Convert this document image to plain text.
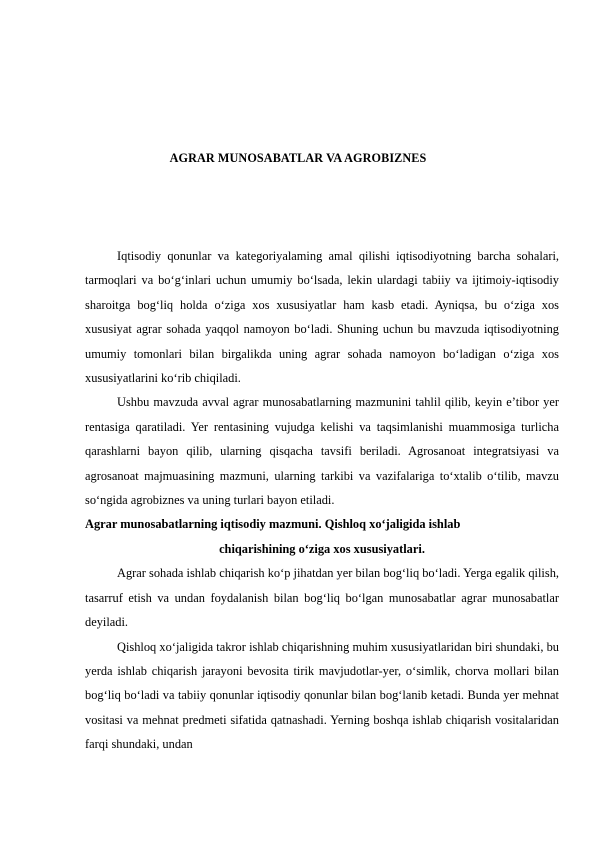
AGRAR MUNOSABATLAR VA AGROBIZNES

Iqtisodiy qonunlar va kategoriyalaming amal qilishi iqtisodiyotning barcha sohalari, tarmoqlari va bo‘g‘inlari uchun umumiy bo‘lsada, lekin ulardagi tabiiy va ijtimoiy-iqtisodiy sharoitga bog‘liq holda o‘ziga xos xususiyatlar ham kasb etadi. Ayniqsa, bu o‘ziga xos xususiyat agrar sohada yaqqol namoyon bo‘ladi. Shuning uchun bu mavzuda iqtisodiyotning umumiy tomonlari bilan birgalikda uning agrar sohada namoyon bo‘ladigan o‘ziga xos xususiyatlarini ko‘rib chiqiladi.

Ushbu mavzuda avval agrar munosabatlarning mazmunini tahlil qilib, keyin e’tibor yer rentasiga qaratiladi. Yer rentasining vujudga kelishi va taqsimlanishi muammosiga turlicha qarashlarni bayon qilib, ularning qisqacha tavsifi beriladi. Agrosanoat integratsiyasi va agrosanoat majmuasining mazmuni, ularning tarkibi va vazifalariga to‘xtalib o‘tilib, mavzu so‘ngida agrobiznes va uning turlari bayon etiladi.

Agrar munosabatlarning iqtisodiy mazmuni. Qishloq xo‘jaligida ishlab
chiqarishining o‘ziga xos xususiyatlari.

Agrar sohada ishlab chiqarish ko‘p jihatdan yer bilan bog‘liq bo‘ladi. Yerga egalik qilish, tasarruf etish va undan foydalanish bilan bog‘liq bo‘lgan munosabatlar agrar munosabatlar deyiladi.

Qishloq xo‘jaligida takror ishlab chiqarishning muhim xususiyatlaridan biri shundaki, bu yerda ishlab chiqarish jarayoni bevosita tirik mavjudotlar-yer, o‘simlik, chorva mollari bilan bog‘liq bo‘ladi va tabiiy qonunlar iqtisodiy qonunlar bilan bog‘lanib ketadi. Bunda yer mehnat vositasi va mehnat predmeti sifatida qatnashadi. Yerning boshqa ishlab chiqarish vositalaridan farqi shundaki, undan
